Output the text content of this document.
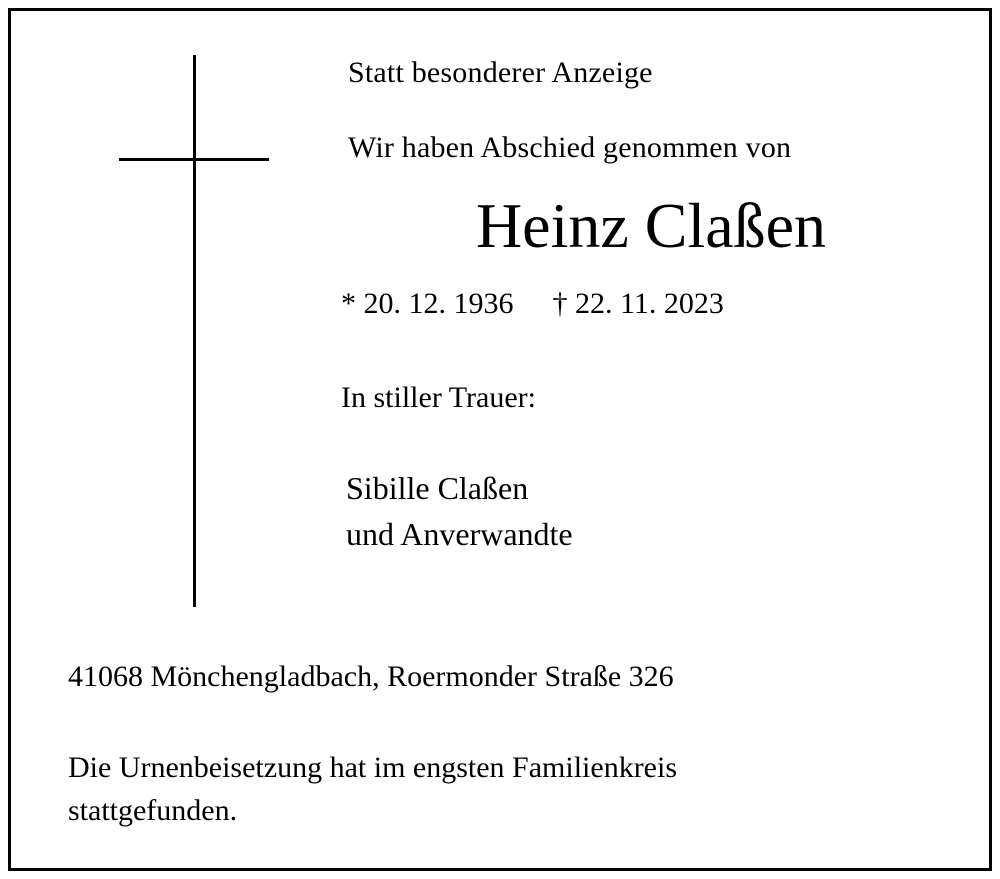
Statt besonderer Anzeige
Wir haben Abschied genommen von
Heinz Claßen
* 20. 12. 1936 † 22. 11. 2023
In stiller Trauer:
Sibille Claßen
und Anverwandte
41068 Mönchengladbach, Roermonder Straße 326
Die Urnenbeisetzung hat im engsten Familienkreis
stattgefunden.
